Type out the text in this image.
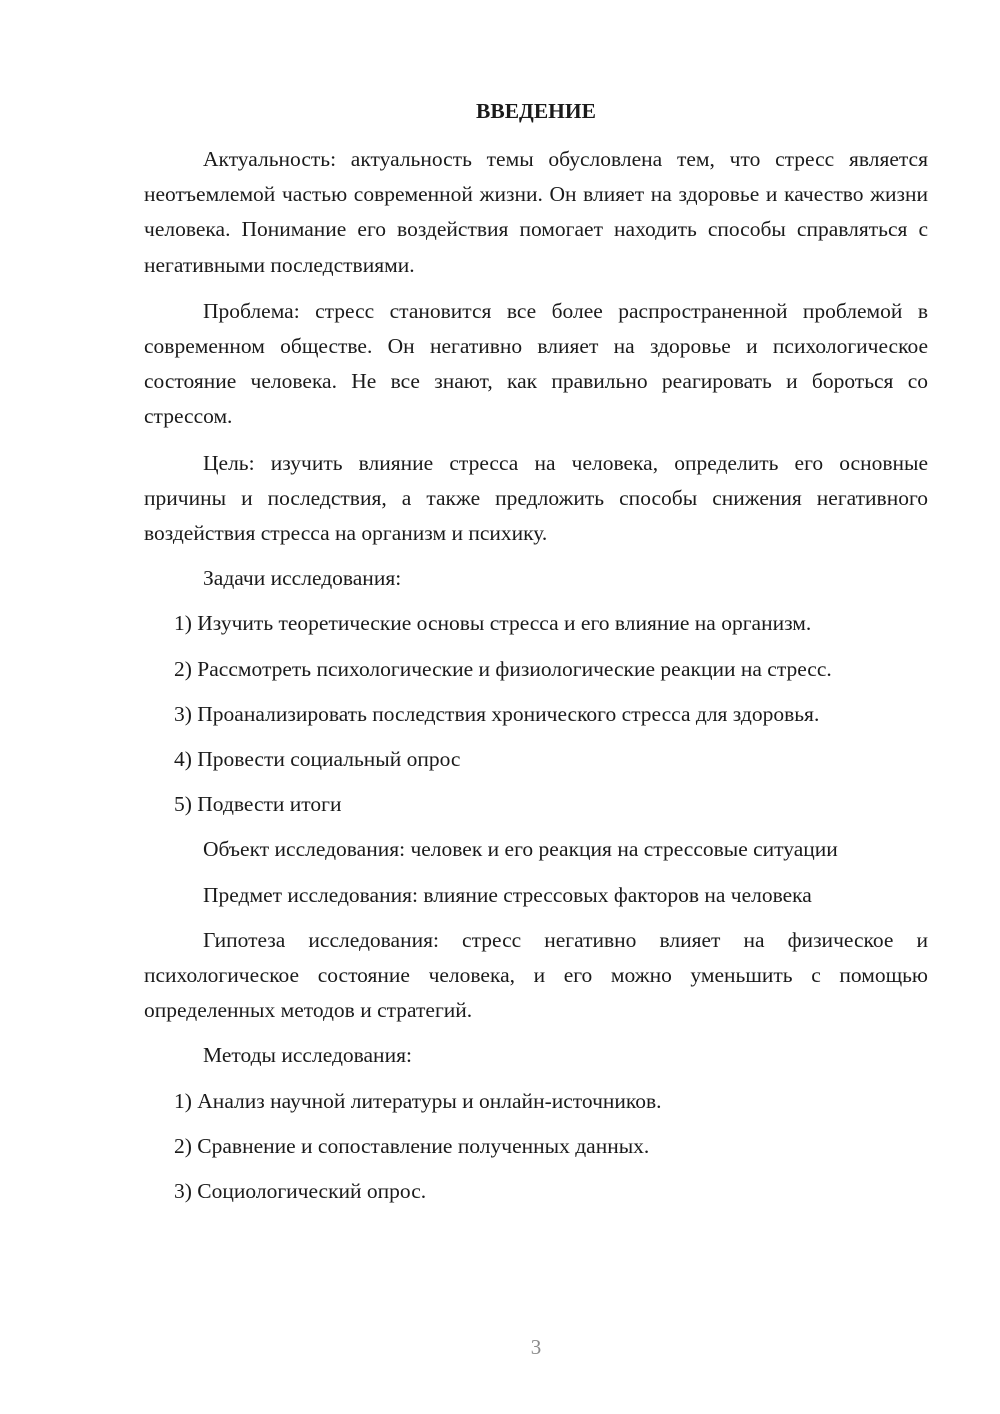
ВВЕДЕНИЕ

Актуальность: актуальность темы обусловлена тем, что стресс является неотъемлемой частью современной жизни. Он влияет на здоровье и качество жизни человека. Понимание его воздействия помогает находить способы справляться с негативными последствиями.

Проблема: стресс становится все более распространенной проблемой в современном обществе. Он негативно влияет на здоровье и психологическое состояние человека. Не все знают, как правильно реагировать и бороться со стрессом.

Цель: изучить влияние стресса на человека, определить его основные причины и последствия, а также предложить способы снижения негативного воздействия стресса на организм и психику.

Задачи исследования:

1) Изучить теоретические основы стресса и его влияние на организм.

2) Рассмотреть психологические и физиологические реакции на стресс.

3) Проанализировать последствия хронического стресса для здоровья.

4) Провести социальный опрос

5) Подвести итоги

Объект исследования: человек и его реакция на стрессовые ситуации

Предмет исследования: влияние стрессовых факторов на человека

Гипотеза исследования: стресс негативно влияет на физическое и психологическое состояние человека, и его можно уменьшить с помощью определенных методов и стратегий.

Методы исследования:

1) Анализ научной литературы и онлайн-источников.

2) Сравнение и сопоставление полученных данных.

3) Социологический опрос.

3
